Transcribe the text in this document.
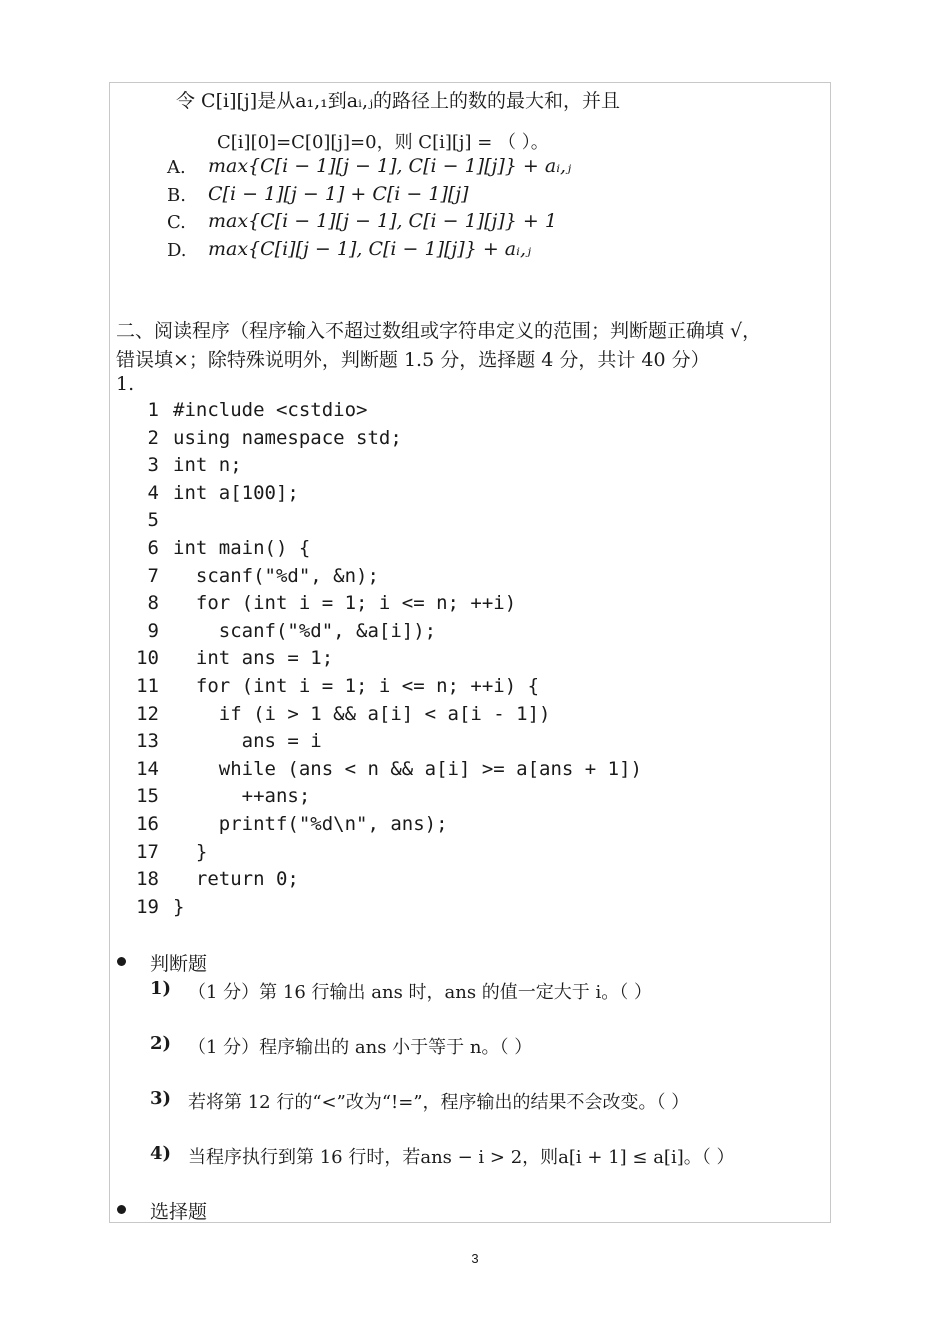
令 C[i][j]是从a₁,₁到aᵢ,ⱼ的路径上的数的最大和，并且
C[i][0]=C[0][j]=0，则 C[i][j] = （ ）。
A. max{C[i − 1][j − 1], C[i − 1][j]} + aᵢ,ⱼ
B. C[i − 1][j − 1] + C[i − 1][j]
C. max{C[i − 1][j − 1], C[i − 1][j]} + 1
D. max{C[i][j − 1], C[i − 1][j]} + aᵢ,ⱼ
二、阅读程序（程序输入不超过数组或字符串定义的范围；判断题正确填 √，
错误填×；除特殊说明外，判断题 1.5 分，选择题 4 分，共计 40 分）
1.
1 #include <cstdio>
2 using namespace std;
3 int n;
4 int a[100];
5
6 int main() {
7  scanf("%d", &n);
8  for (int i = 1; i <= n; ++i)
9    scanf("%d", &a[i]);
10  int ans = 1;
11  for (int i = 1; i <= n; ++i) {
12    if (i > 1 && a[i] < a[i - 1])
13      ans = i
14    while (ans < n && a[i] >= a[ans + 1])
15      ++ans;
16    printf("%d\n", ans);
17  }
18  return 0;
19 }
判断题
1) （1 分）第 16 行输出 ans 时，ans 的值一定大于 i。（ ）
2) （1 分）程序输出的 ans 小于等于 n。（ ）
3) 若将第 12 行的“<”改为“!=”，程序输出的结果不会改变。（ ）
4) 当程序执行到第 16 行时，若ans − i > 2，则a[i + 1] ≤ a[i]。（ ）
选择题
3
